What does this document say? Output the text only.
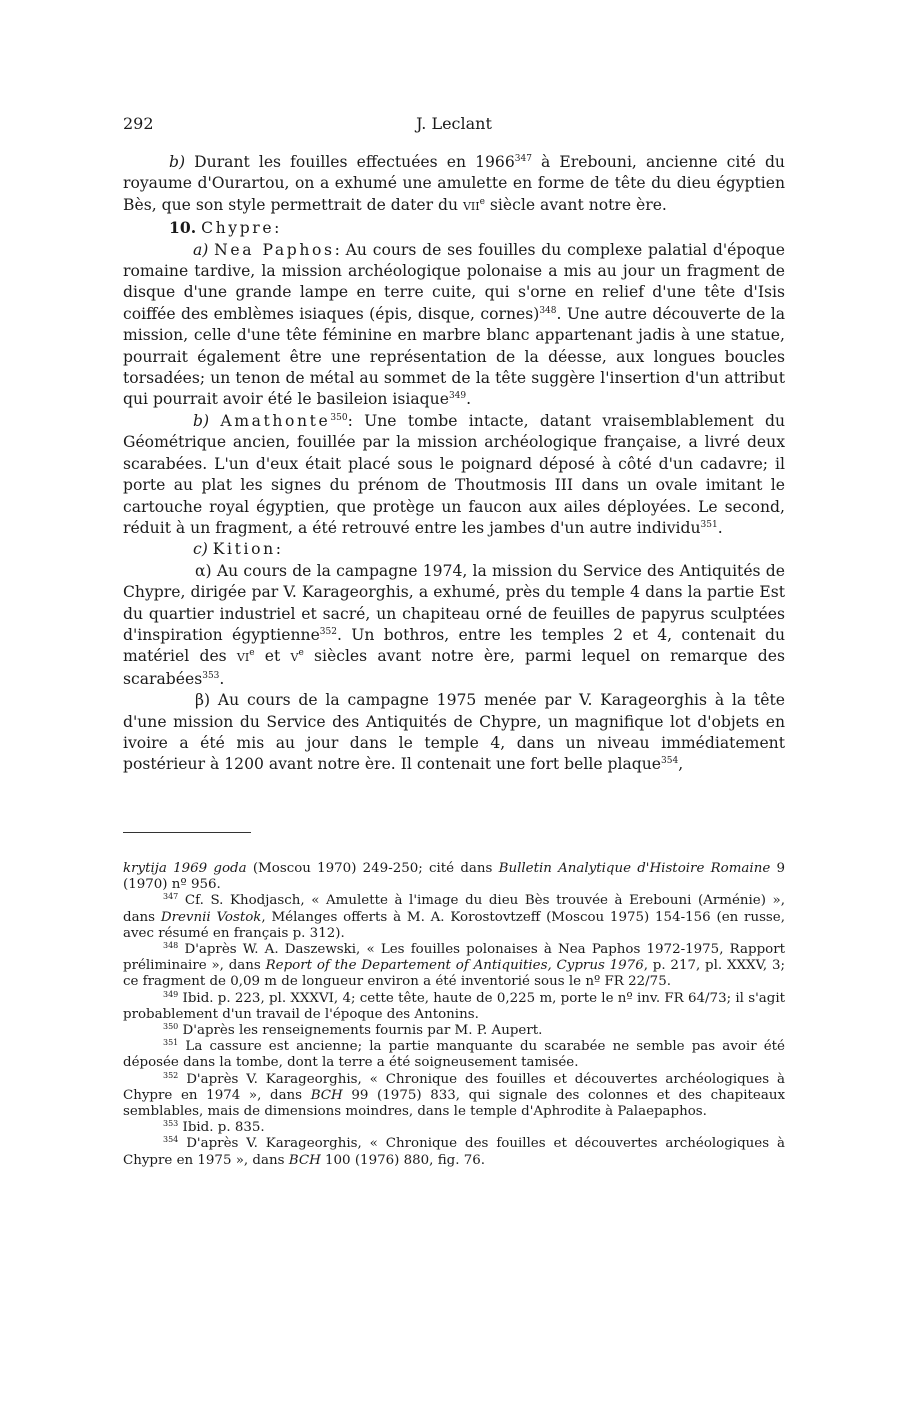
292	J. Leclant

b) Durant les fouilles effectuées en 1966$^{347}$ à Erebouni, ancienne cité du royaume d'Ourartou, on a exhumé une amulette en forme de tête du dieu égyptien Bès, que son style permettrait de dater du VIIe siècle avant notre ère.

10. Chypre:

a) Nea Paphos: Au cours de ses fouilles du complexe palatial d'époque romaine tardive, la mission archéologique polonaise a mis au jour un fragment de disque d'une grande lampe en terre cuite, qui s'orne en relief d'une tête d'Isis coiffée des emblèmes isiaques (épis, disque, cornes)$^{348}$. Une autre découverte de la mission, celle d'une tête féminine en marbre blanc appartenant jadis à une statue, pourrait également être une représentation de la déesse, aux longues boucles torsadées; un tenon de métal au sommet de la tête suggère l'insertion d'un attribut qui pourrait avoir été le basileion isiaque$^{349}$.

b) Amathonte$^{350}$: Une tombe intacte, datant vraisemblablement du Géométrique ancien, fouillée par la mission archéologique française, a livré deux scarabées. L'un d'eux était placé sous le poignard déposé à côté d'un cadavre; il porte au plat les signes du prénom de Thoutmosis III dans un ovale imitant le cartouche royal égyptien, que protège un faucon aux ailes déployées. Le second, réduit à un fragment, a été retrouvé entre les jambes d'un autre individu$^{351}$.

c) Kition:

α) Au cours de la campagne 1974, la mission du Service des Antiquités de Chypre, dirigée par V. Karageorghis, a exhumé, près du temple 4 dans la partie Est du quartier industriel et sacré, un chapiteau orné de feuilles de papyrus sculptées d'inspiration égyptienne$^{352}$. Un bothros, entre les temples 2 et 4, contenait du matériel des VIe et Ve siècles avant notre ère, parmi lequel on remarque des scarabées$^{353}$.

β) Au cours de la campagne 1975 menée par V. Karageorghis à la tête d'une mission du Service des Antiquités de Chypre, un magnifique lot d'objets en ivoire a été mis au jour dans le temple 4, dans un niveau immédiatement postérieur à 1200 avant notre ère. Il contenait une fort belle plaque$^{354}$,

krytija 1969 goda (Moscou 1970) 249-250; cité dans Bulletin Analytique d'Histoire Romaine 9 (1970) nº 956.

$^{347}$ Cf. S. Khodjasch, « Amulette à l'image du dieu Bès trouvée à Erebouni (Arménie) », dans Drevnii Vostok, Mélanges offerts à M. A. Korostovtzeff (Moscou 1975) 154-156 (en russe, avec résumé en français p. 312).

$^{348}$ D'après W. A. Daszewski, « Les fouilles polonaises à Nea Paphos 1972-1975, Rapport préliminaire », dans Report of the Departement of Antiquities, Cyprus 1976, p. 217, pl. XXXV, 3; ce fragment de 0,09 m de longueur environ a été inventorié sous le nº FR 22/75.

$^{349}$ Ibid. p. 223, pl. XXXVI, 4; cette tête, haute de 0,225 m, porte le nº inv. FR 64/73; il s'agit probablement d'un travail de l'époque des Antonins.

$^{350}$ D'après les renseignements fournis par M. P. Aupert.

$^{351}$ La cassure est ancienne; la partie manquante du scarabée ne semble pas avoir été déposée dans la tombe, dont la terre a été soigneusement tamisée.

$^{352}$ D'après V. Karageorghis, « Chronique des fouilles et découvertes archéologiques à Chypre en 1974 », dans BCH 99 (1975) 833, qui signale des colonnes et des chapiteaux semblables, mais de dimensions moindres, dans le temple d'Aphrodite à Palaepaphos.

$^{353}$ Ibid. p. 835.

$^{354}$ D'après V. Karageorghis, « Chronique des fouilles et découvertes archéologiques à Chypre en 1975 », dans BCH 100 (1976) 880, fig. 76.
